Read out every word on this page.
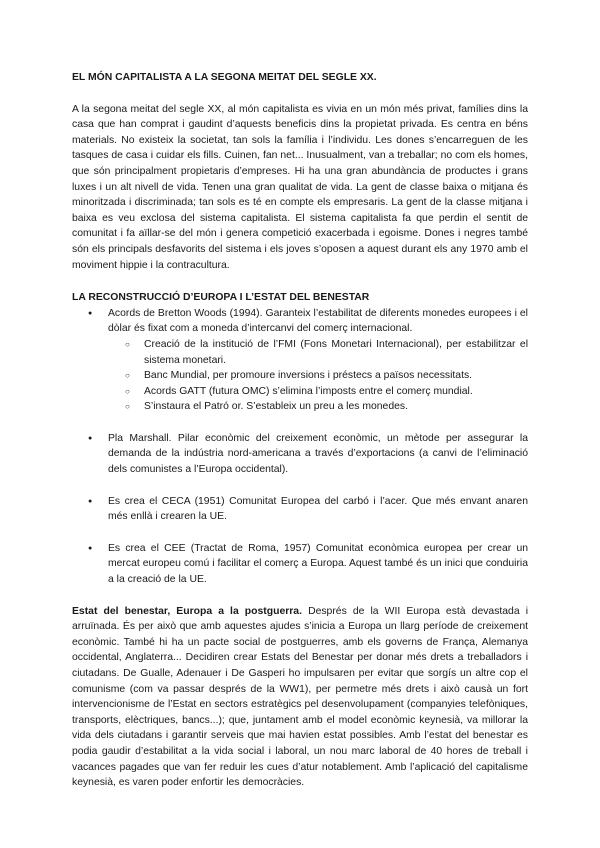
EL MÓN CAPITALISTA A LA SEGONA MEITAT DEL SEGLE XX.

A la segona meitat del segle XX, al món capitalista es vivia en un món més privat, famílies dins la casa que han comprat i gaudint d’aquests beneficis dins la propietat privada. Es centra en béns materials. No existeix la societat, tan sols la família i l’individu. Les dones s’encarreguen de les tasques de casa i cuidar els fills. Cuinen, fan net... Inusualment, van a treballar; no com els homes, que són principalment propietaris d’empreses. Hi ha una gran abundància de productes i grans luxes i un alt nivell de vida. Tenen una gran qualitat de vida. La gent de classe baixa o mitjana és minoritzada i discriminada; tan sols es té en compte els empresaris. La gent de la classe mitjana i baixa es veu exclosa del sistema capitalista. El sistema capitalista fa que perdin el sentit de comunitat i fa aïllar-se del món i genera competició exacerbada i egoisme. Dones i negres també són els principals desfavorits del sistema i els joves s’oposen a aquest durant els any 1970 amb el moviment hippie i la contracultura.

LA RECONSTRUCCIÓ D’EUROPA I L’ESTAT DEL BENESTAR
● Acords de Bretton Woods (1994). Garanteix l’estabilitat de diferents monedes europees i el dòlar és fixat com a moneda d’intercanvi del comerç internacional.
○ Creació de la institució de l’FMI (Fons Monetari Internacional), per estabilitzar el sistema monetari.
○ Banc Mundial, per promoure inversions i préstecs a països necessitats.
○ Acords GATT (futura OMC) s’elimina l’imposts entre el comerç mundial.
○ S’instaura el Patró or. S’estableix un preu a les monedes.
● Pla Marshall. Pilar econòmic del creixement econòmic, un mètode per assegurar la demanda de la indústria nord-americana a través d’exportacions (a canvi de l’eliminació dels comunistes a l’Europa occidental).
● Es crea el CECA (1951) Comunitat Europea del carbó i l’acer. Que més envant anaren més enllà i crearen la UE.
● Es crea el CEE (Tractat de Roma, 1957) Comunitat econòmica europea per crear un mercat europeu comú i facilitar el comerç a Europa. Aquest també és un inici que conduiria a la creació de la UE.

Estat del benestar, Europa a la postguerra. Després de la WII Europa està devastada i arruïnada. És per això que amb aquestes ajudes s’inicia a Europa un llarg període de creixement econòmic. També hi ha un pacte social de postguerres, amb els governs de França, Alemanya occidental, Anglaterra... Decidiren crear Estats del Benestar per donar més drets a treballadors i ciutadans. De Gualle, Adenauer i De Gasperi ho impulsaren per evitar que sorgís un altre cop el comunisme (com va passar després de la WW1), per permetre més drets i això causà un fort intervencionisme de l’Estat en sectors estratègics pel desenvolupament (companyies telefòniques, transports, elèctriques, bancs...); que, juntament amb el model econòmic keynesià, va millorar la vida dels ciutadans i garantir serveis que mai havien estat possibles. Amb l’estat del benestar es podia gaudir d’estabilitat a la vida social i laboral, un nou marc laboral de 40 hores de treball i vacances pagades que van fer reduir les cues d’atur notablement. Amb l’aplicació del capitalisme keynesià, es varen poder enfortir les democràcies.
